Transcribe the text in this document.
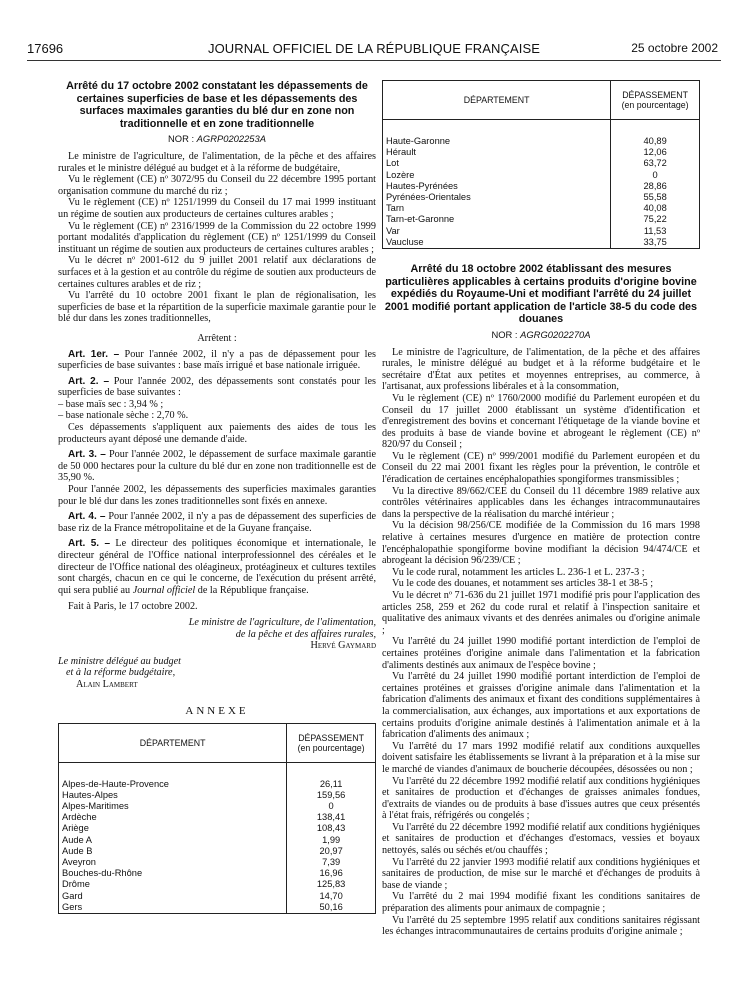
17696	JOURNAL OFFICIEL DE LA RÉPUBLIQUE FRANÇAISE	25 octobre 2002
Arrêté du 17 octobre 2002 constatant les dépassements de certaines superficies de base et les dépassements des surfaces maximales garanties du blé dur en zone non traditionnelle et en zone traditionnelle
NOR : AGRP0202253A

Le ministre de l'agriculture, de l'alimentation, de la pêche et des affaires rurales et le ministre délégué au budget et à la réforme de budgétaire,

Vu le règlement (CE) nº 3072/95 du Conseil du 22 décembre 1995 portant organisation commune du marché du riz ;

Vu le règlement (CE) nº 1251/1999 du Conseil du 17 mai 1999 instituant un régime de soutien aux producteurs de certaines cultures arables ;

Vu le règlement (CE) nº 2316/1999 de la Commission du 22 octobre 1999 portant modalités d'application du règlement (CE) nº 1251/1999 du Conseil instituant un régime de soutien aux producteurs de certaines cultures arables ;

Vu le décret nº 2001-612 du 9 juillet 2001 relatif aux déclarations de surfaces et à la gestion et au contrôle du régime de soutien aux producteurs de certaines cultures arables et de riz ;

Vu l'arrêté du 10 octobre 2001 fixant le plan de régionalisation, les superficies de base et la répartition de la superficie maximale garantie pour le blé dur dans les zones traditionnelles,

Arrêtent :

Art. 1er. – Pour l'année 2002, il n'y a pas de dépassement pour les superficies de base suivantes : base maïs irrigué et base nationale irriguée.

Art. 2. – Pour l'année 2002, des dépassements sont constatés pour les superficies de base suivantes :

– base maïs sec : 3,94 % ;

– base nationale sèche : 2,70 %.

Ces dépassements s'appliquent aux paiements des aides de tous les producteurs ayant déposé une demande d'aide.

Art. 3. – Pour l'année 2002, le dépassement de surface maximale garantie de 50 000 hectares pour la culture du blé dur en zone non traditionnelle est de 35,90 %.

Pour l'année 2002, les dépassements des superficies maximales garanties pour le blé dur dans les zones traditionnelles sont fixés en annexe.

Art. 4. – Pour l'année 2002, il n'y a pas de dépassement des superficies de base riz de la France métropolitaine et de la Guyane française.

Art. 5. – Le directeur des politiques économique et internationale, le directeur général de l'Office national interprofessionnel des céréales et le directeur de l'Office national des oléagineux, protéagineux et cultures textiles sont chargés, chacun en ce qui le concerne, de l'exécution du présent arrêté, qui sera publié au Journal officiel de la République française.

Fait à Paris, le 17 octobre 2002.

Le ministre de l'agriculture, de l'alimentation,

de la pêche et des affaires rurales,

Hervé Gaymard

Le ministre délégué au budget

et à la réforme budgétaire,

Alain Lambert

ANNEXE
DÉPARTEMENT	DÉPASSEMENT
(en pourcentage)

Alpes-de-Haute-Provence	26,11
Hautes-Alpes	159,56
Alpes-Maritimes	0
Ardèche	138,41
Ariège	108,43
Aude A	1,99
Aude B	20,97
Aveyron	7,39
Bouches-du-Rhône	16,96
Drôme	125,83
Gard	14,70
Gers	50,16
DÉPARTEMENT	DÉPASSEMENT
(en pourcentage)

Haute-Garonne	40,89
Hérault	12,06
Lot	63,72
Lozère	0
Hautes-Pyrénées	28,86
Pyrénées-Orientales	55,58
Tarn	40,08
Tarn-et-Garonne	75,22
Var	11,53
Vaucluse	33,75
Arrêté du 18 octobre 2002 établissant des mesures particulières applicables à certains produits d'origine bovine expédiés du Royaume-Uni et modifiant l'arrêté du 24 juillet 2001 modifié portant application de l'article 38-5 du code des douanes
NOR : AGRG0202270A

Le ministre de l'agriculture, de l'alimentation, de la pêche et des affaires rurales, le ministre délégué au budget et à la réforme budgétaire et le secrétaire d'État aux petites et moyennes entreprises, au commerce, à l'artisanat, aux professions libérales et à la consommation,

Vu le règlement (CE) nº 1760/2000 modifié du Parlement européen et du Conseil du 17 juillet 2000 établissant un système d'identification et d'enregistrement des bovins et concernant l'étiquetage de la viande bovine et des produits à base de viande bovine et abrogeant le règlement (CE) nº 820/97 du Conseil ;

Vu le règlement (CE) nº 999/2001 modifié du Parlement européen et du Conseil du 22 mai 2001 fixant les règles pour la prévention, le contrôle et l'éradication de certaines encéphalopathies spongiformes transmissibles ;

Vu la directive 89/662/CEE du Conseil du 11 décembre 1989 relative aux contrôles vétérinaires applicables dans les échanges intracommunautaires dans la perspective de la réalisation du marché intérieur ;

Vu la décision 98/256/CE modifiée de la Commission du 16 mars 1998 relative à certaines mesures d'urgence en matière de protection contre l'encéphalopathie spongiforme bovine modifiant la décision 94/474/CE et abrogeant la décision 96/239/CE ;

Vu le code rural, notamment les articles L. 236-1 et L. 237-3 ;

Vu le code des douanes, et notamment ses articles 38-1 et 38-5 ;

Vu le décret nº 71-636 du 21 juillet 1971 modifié pris pour l'application des articles 258, 259 et 262 du code rural et relatif à l'inspection sanitaire et qualitative des animaux vivants et des denrées animales ou d'origine animale ;

Vu l'arrêté du 24 juillet 1990 modifié portant interdiction de l'emploi de certaines protéines d'origine animale dans l'alimentation et la fabrication d'aliments destinés aux animaux de l'espèce bovine ;

Vu l'arrêté du 24 juillet 1990 modifié portant interdiction de l'emploi de certaines protéines et graisses d'origine animale dans l'alimentation et la fabrication d'aliments des animaux et fixant des conditions supplémentaires à la commercialisation, aux échanges, aux importations et aux exportations de certains produits d'origine animale destinés à l'alimentation animale et à la fabrication d'aliments des animaux ;

Vu l'arrêté du 17 mars 1992 modifié relatif aux conditions auxquelles doivent satisfaire les établissements se livrant à la préparation et à la mise sur le marché de viandes d'animaux de boucherie découpées, désossées ou non ;

Vu l'arrêté du 22 décembre 1992 modifié relatif aux conditions hygiéniques et sanitaires de production et d'échanges de graisses animales fondues, d'extraits de viandes ou de produits à base d'issues autres que ceux présentés à l'état frais, réfrigérés ou congelés ;

Vu l'arrêté du 22 décembre 1992 modifié relatif aux conditions hygiéniques et sanitaires de production et d'échanges d'estomacs, vessies et boyaux nettoyés, salés ou séchés et/ou chauffés ;

Vu l'arrêté du 22 janvier 1993 modifié relatif aux conditions hygiéniques et sanitaires de production, de mise sur le marché et d'échanges de produits à base de viande ;

Vu l'arrêté du 2 mai 1994 modifié fixant les conditions sanitaires de préparation des aliments pour animaux de compagnie ;

Vu l'arrêté du 25 septembre 1995 relatif aux conditions sanitaires régissant les échanges intracommunautaires de certains produits d'origine animale ;
